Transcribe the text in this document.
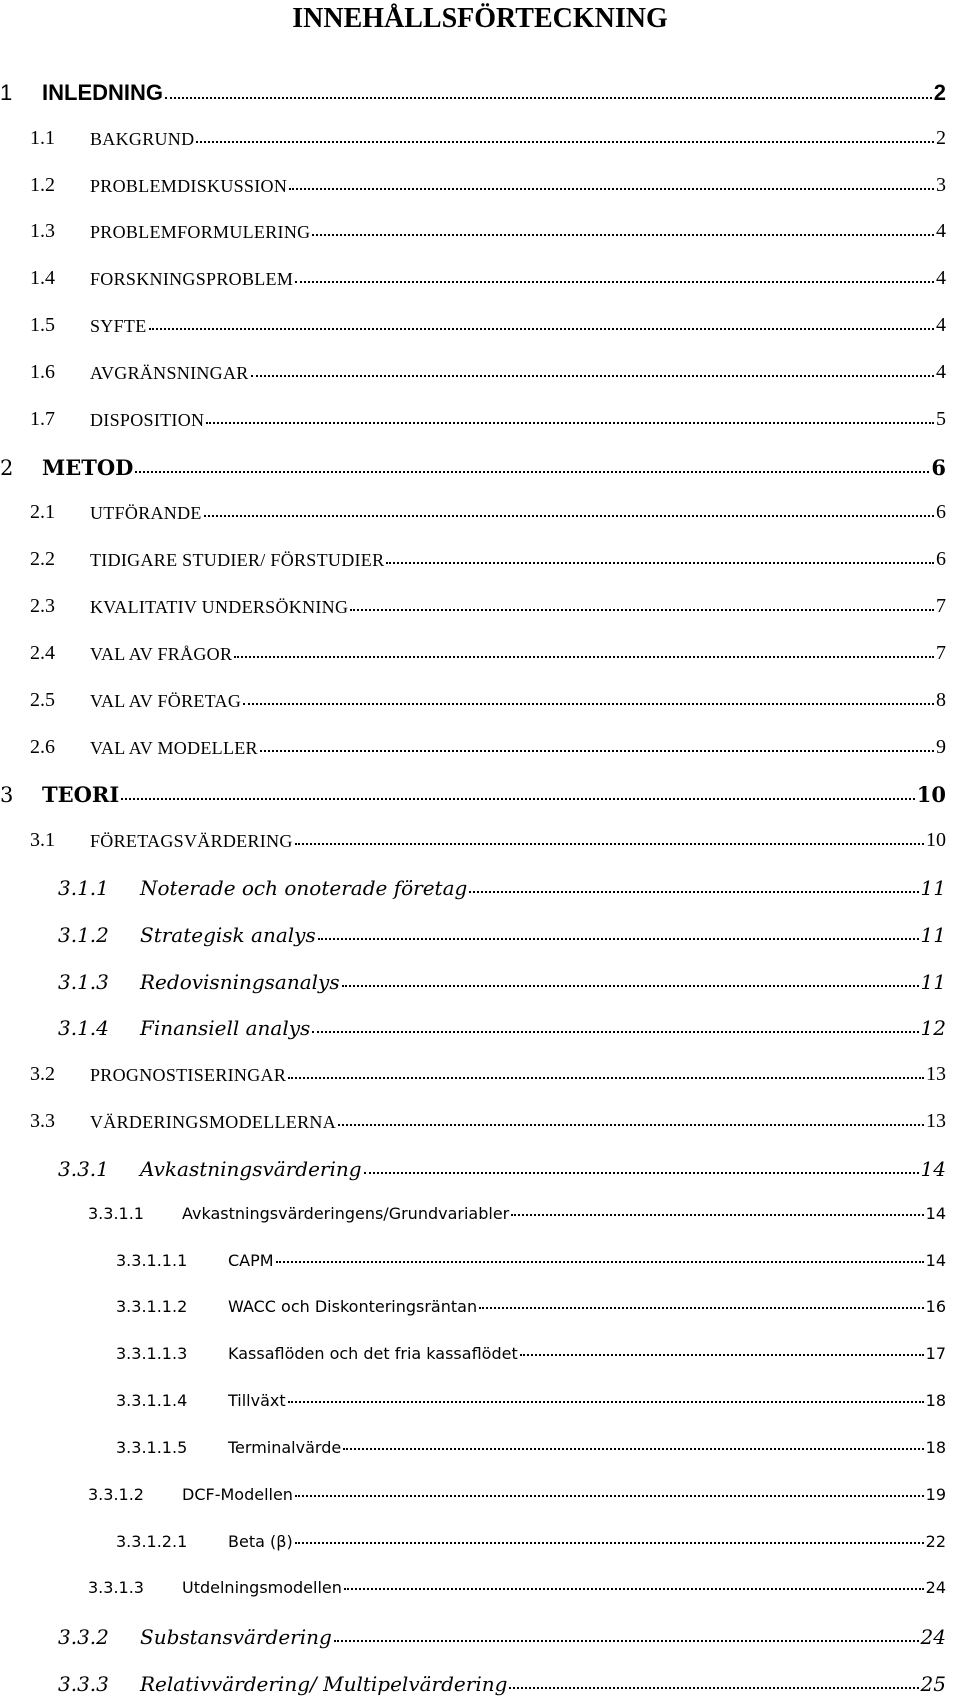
INNEHÅLLSFÖRTECKNING
1	INLEDNING	2
1.1	BAKGRUND	2
1.2	PROBLEMDISKUSSION	3
1.3	PROBLEMFORMULERING	4
1.4	FORSKNINGSPROBLEM	4
1.5	SYFTE	4
1.6	AVGRÄNSNINGAR	4
1.7	DISPOSITION	5
2	METOD	6
2.1	UTFÖRANDE	6
2.2	TIDIGARE STUDIER/ FÖRSTUDIER	6
2.3	KVALITATIV UNDERSÖKNING	7
2.4	VAL AV FRÅGOR	7
2.5	VAL AV FÖRETAG	8
2.6	VAL AV MODELLER	9
3	TEORI	10
3.1	FÖRETAGSVÄRDERING	10
3.1.1	Noterade och onoterade företag	11
3.1.2	Strategisk analys	11
3.1.3	Redovisningsanalys	11
3.1.4	Finansiell analys	12
3.2	PROGNOSTISERINGAR	13
3.3	VÄRDERINGSMODELLERNA	13
3.3.1	Avkastningsvärdering	14
3.3.1.1	Avkastningsvärderingens/Grundvariabler	14
3.3.1.1.1	CAPM	14
3.3.1.1.2	WACC och Diskonteringsräntan	16
3.3.1.1.3	Kassaflöden och det fria kassaflödet	17
3.3.1.1.4	Tillväxt	18
3.3.1.1.5	Terminalvärde	18
3.3.1.2	DCF-Modellen	19
3.3.1.2.1	Beta (β)	22
3.3.1.3	Utdelningsmodellen	24
3.3.2	Substansvärdering	24
3.3.3	Relativvärdering/ Multipelvärdering	25
